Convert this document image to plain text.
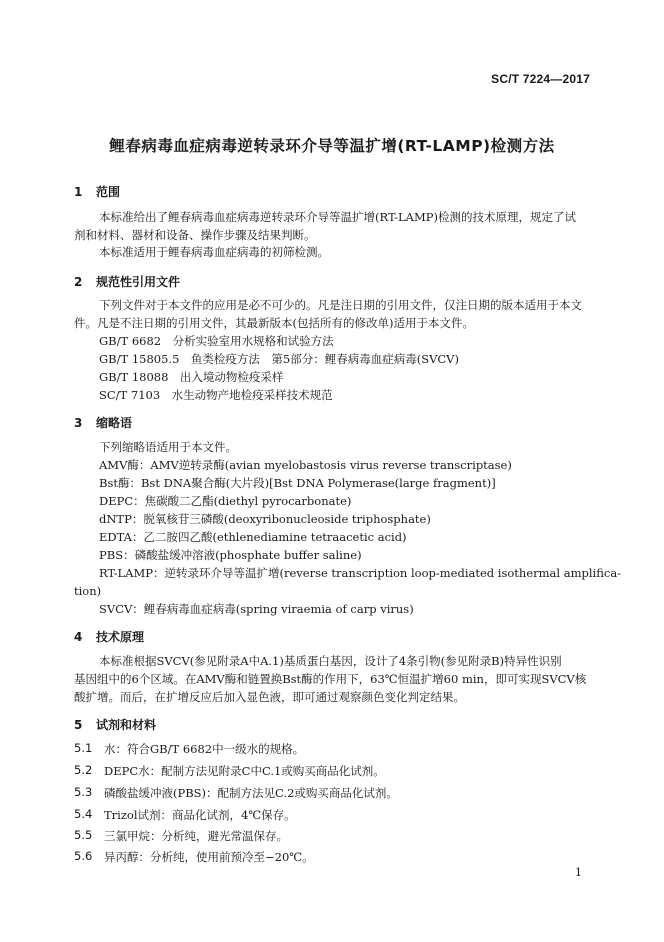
SC/T 7224—2017
鲤春病毒血症病毒逆转录环介导等温扩增(RT-LAMP)检测方法
1 范围
本标准给出了鲤春病毒血症病毒逆转录环介导等温扩增(RT-LAMP)检测的技术原理，规定了试
剂和材料、器材和设备、操作步骤及结果判断。
本标准适用于鲤春病毒血症病毒的初筛检测。
2 规范性引用文件
下列文件对于本文件的应用是必不可少的。凡是注日期的引用文件，仅注日期的版本适用于本文
件。凡是不注日期的引用文件，其最新版本(包括所有的修改单)适用于本文件。
GB/T 6682　分析实验室用水规格和试验方法
GB/T 15805.5　鱼类检疫方法　第5部分：鲤春病毒血症病毒(SVCV)
GB/T 18088　出入境动物检疫采样
SC/T 7103　水生动物产地检疫采样技术规范
3 缩略语
下列缩略语适用于本文件。
AMV酶：AMV逆转录酶(avian myelobastosis virus reverse transcriptase)
Bst酶：Bst DNA聚合酶(大片段)[Bst DNA Polymerase(large fragment)]
DEPC：焦碳酸二乙酯(diethyl pyrocarbonate)
dNTP：脱氧核苷三磷酸(deoxyribonucleoside triphosphate)
EDTA：乙二胺四乙酸(ethlenediamine tetraacetic acid)
PBS：磷酸盐缓冲溶液(phosphate buffer saline)
RT-LAMP：逆转录环介导等温扩增(reverse transcription loop-mediated isothermal amplifica-
tion)
SVCV：鲤春病毒血症病毒(spring viraemia of carp virus)
4 技术原理
本标准根据SVCV(参见附录A中A.1)基质蛋白基因，设计了4条引物(参见附录B)特异性识别
基因组中的6个区域。在AMV酶和链置换Bst酶的作用下，63℃恒温扩增60 min，即可实现SVCV核
酸扩增。而后，在扩增反应后加入显色液，即可通过观察颜色变化判定结果。
5 试剂和材料
5.1 水：符合GB/T 6682中一级水的规格。
5.2 DEPC水：配制方法见附录C中C.1或购买商品化试剂。
5.3 磷酸盐缓冲液(PBS)：配制方法见C.2或购买商品化试剂。
5.4 Trizol试剂：商品化试剂，4℃保存。
5.5 三氯甲烷：分析纯，避光常温保存。
5.6 异丙醇：分析纯，使用前预冷至−20℃。
1
